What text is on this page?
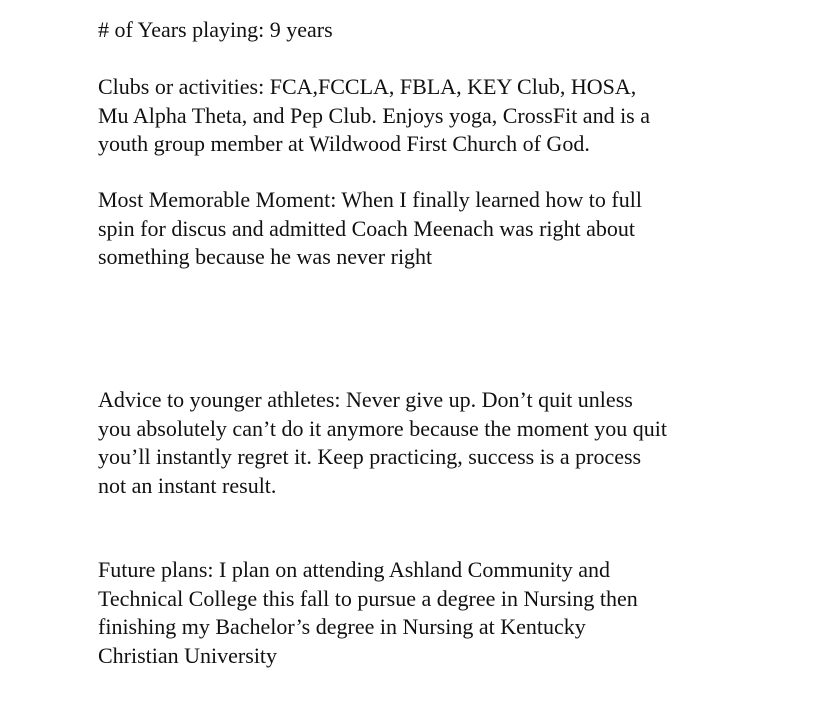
# of Years playing: 9 years

Clubs or activities: FCA,FCCLA, FBLA, KEY Club, HOSA,
Mu Alpha Theta, and Pep Club. Enjoys yoga, CrossFit and is a
youth group member at Wildwood First Church of God.

Most Memorable Moment: When I finally learned how to full
spin for discus and admitted Coach Meenach was right about
something because he was never right

Advice to younger athletes: Never give up. Don’t quit unless
you absolutely can’t do it anymore because the moment you quit
you’ll instantly regret it. Keep practicing, success is a process
not an instant result.

Future plans: I plan on attending Ashland Community and
Technical College this fall to pursue a degree in Nursing then
finishing my Bachelor’s degree in Nursing at Kentucky
Christian University
